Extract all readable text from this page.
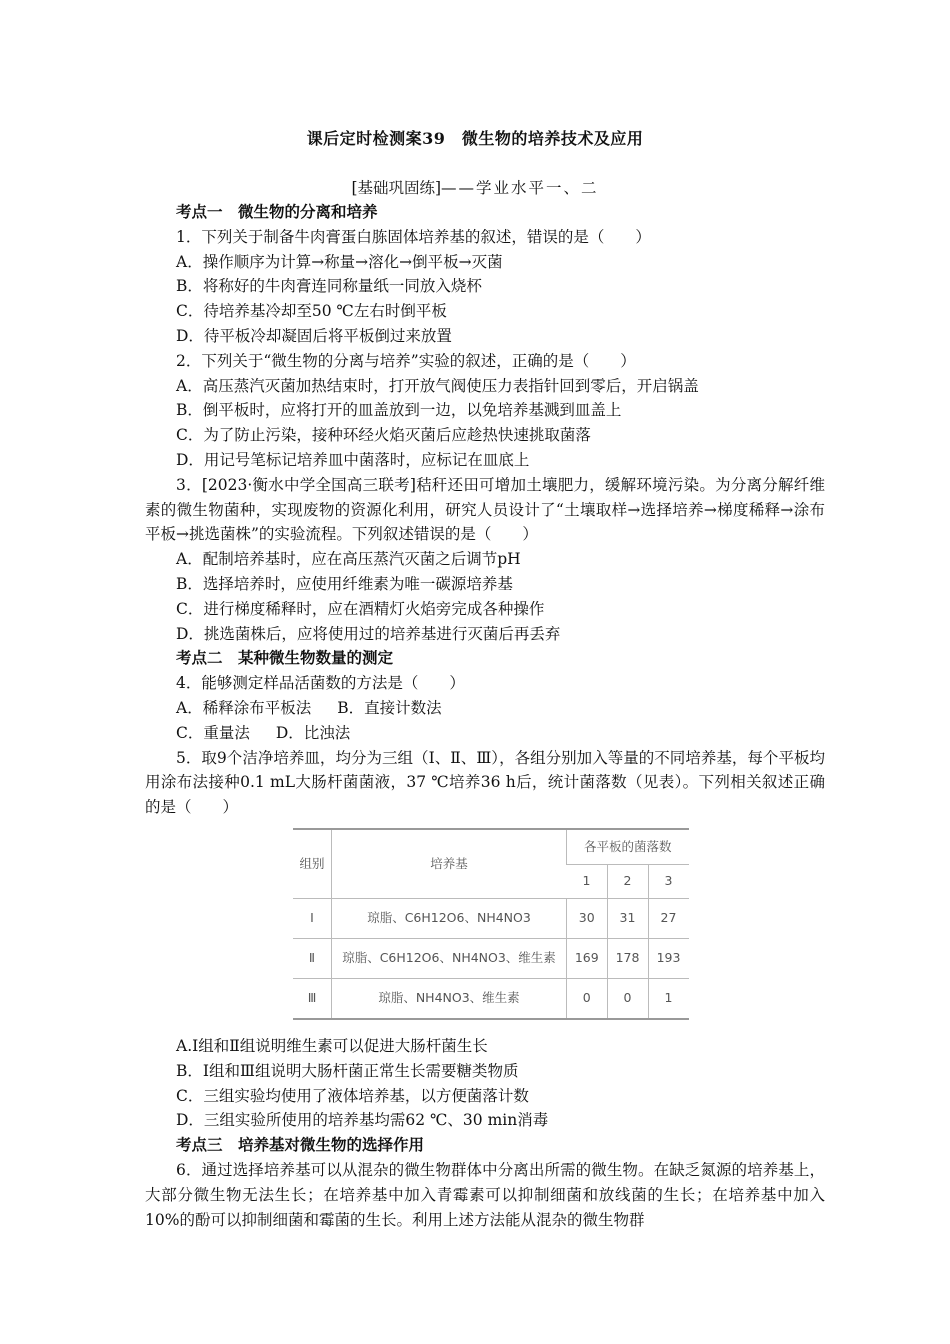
课后定时检测案39　微生物的培养技术及应用
[基础巩固练]——学业水平一、二

考点一　微生物的分离和培养

1．下列关于制备牛肉膏蛋白胨固体培养基的叙述，错误的是（　　）

A．操作顺序为计算→称量→溶化→倒平板→灭菌

B．将称好的牛肉膏连同称量纸一同放入烧杯

C．待培养基冷却至50 ℃左右时倒平板

D．待平板冷却凝固后将平板倒过来放置

2．下列关于“微生物的分离与培养”实验的叙述，正确的是（　　）

A．高压蒸汽灭菌加热结束时，打开放气阀使压力表指针回到零后，开启锅盖

B．倒平板时，应将打开的皿盖放到一边，以免培养基溅到皿盖上

C．为了防止污染，接种环经火焰灭菌后应趁热快速挑取菌落

D．用记号笔标记培养皿中菌落时，应标记在皿底上

3．[2023·衡水中学全国高三联考]秸秆还田可增加土壤肥力，缓解环境污染。为分离分解纤维素的微生物菌种，实现废物的资源化利用，研究人员设计了“土壤取样→选择培养→梯度稀释→涂布平板→挑选菌株”的实验流程。下列叙述错误的是（　　）

A．配制培养基时，应在高压蒸汽灭菌之后调节pH

B．选择培养时，应使用纤维素为唯一碳源培养基

C．进行梯度稀释时，应在酒精灯火焰旁完成各种操作

D．挑选菌株后，应将使用过的培养基进行灭菌后再丢弃

考点二　某种微生物数量的测定

4．能够测定样品活菌数的方法是（　　）

A．稀释涂布平板法 B．直接计数法

C．重量法 D．比浊法

5．取9个洁净培养皿，均分为三组（Ⅰ、Ⅱ、Ⅲ），各组分别加入等量的不同培养基，每个平板均用涂布法接种0.1 mL大肠杆菌菌液，37 ℃培养36 h后，统计菌落数（见表）。下列相关叙述正确的是（　　）

组别	培养基	各平板的菌落数		
		1	2	3
Ⅰ	琼脂、C6H12O6、NH4NO3	30	31	27
Ⅱ	琼脂、C6H12O6、NH4NO3、维生素	169	178	193
Ⅲ	琼脂、NH4NO3、维生素	0	0	1

A.Ⅰ组和Ⅱ组说明维生素可以促进大肠杆菌生长

B．Ⅰ组和Ⅲ组说明大肠杆菌正常生长需要糖类物质

C．三组实验均使用了液体培养基，以方便菌落计数

D．三组实验所使用的培养基均需62 ℃、30 min消毒

考点三　培养基对微生物的选择作用

6．通过选择培养基可以从混杂的微生物群体中分离出所需的微生物。在缺乏氮源的培养基上，大部分微生物无法生长；在培养基中加入青霉素可以抑制细菌和放线菌的生长；在培养基中加入10%的酚可以抑制细菌和霉菌的生长。利用上述方法能从混杂的微生物群
